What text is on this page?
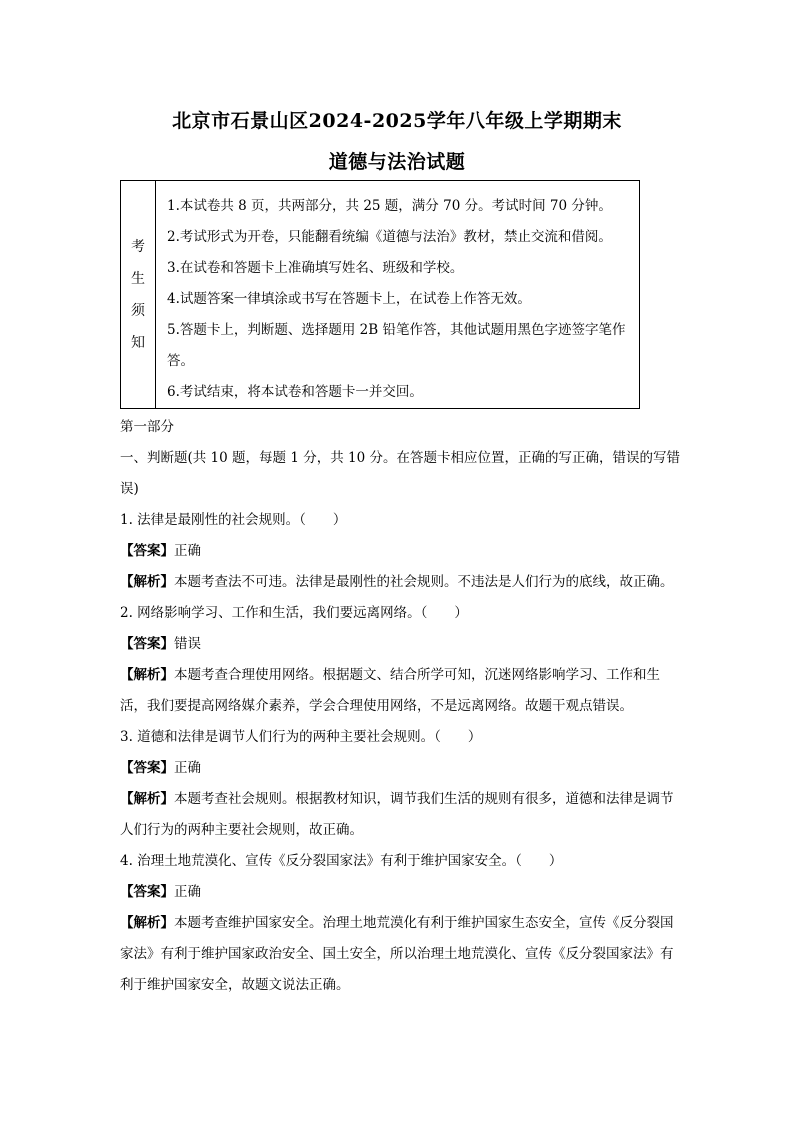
北京市石景山区2024-2025学年八年级上学期期末
道德与法治试题
考
生
须
知
1.本试卷共 8 页，共两部分，共 25 题，满分 70 分。考试时间 70 分钟。
2.考试形式为开卷，只能翻看统编《道德与法治》教材，禁止交流和借阅。
3.在试卷和答题卡上准确填写姓名、班级和学校。
4.试题答案一律填涂或书写在答题卡上，在试卷上作答无效。
5.答题卡上，判断题、选择题用 2B 铅笔作答，其他试题用黑色字迹签字笔作答。
6.考试结束，将本试卷和答题卡一并交回。

第一部分

一、判断题(共 10 题，每题 1 分，共 10 分。在答题卡相应位置，正确的写正确，错误的写错误)

1. 法律是最刚性的社会规则。（　　）

【答案】正确

【解析】本题考查法不可违。法律是最刚性的社会规则。不违法是人们行为的底线，故正确。

2. 网络影响学习、工作和生活，我们要远离网络。（　　）

【答案】错误

【解析】本题考查合理使用网络。根据题文、结合所学可知，沉迷网络影响学习、工作和生活，我们要提高网络媒介素养，学会合理使用网络，不是远离网络。故题干观点错误。

3. 道德和法律是调节人们行为的两种主要社会规则。（　　）

【答案】正确

【解析】本题考查社会规则。根据教材知识，调节我们生活的规则有很多，道德和法律是调节人们行为的两种主要社会规则，故正确。

4. 治理土地荒漠化、宣传《反分裂国家法》有利于维护国家安全。（　　）

【答案】正确

【解析】本题考查维护国家安全。治理土地荒漠化有利于维护国家生态安全，宣传《反分裂国家法》有利于维护国家政治安全、国土安全，所以治理土地荒漠化、宣传《反分裂国家法》有利于维护国家安全，故题文说法正确。
